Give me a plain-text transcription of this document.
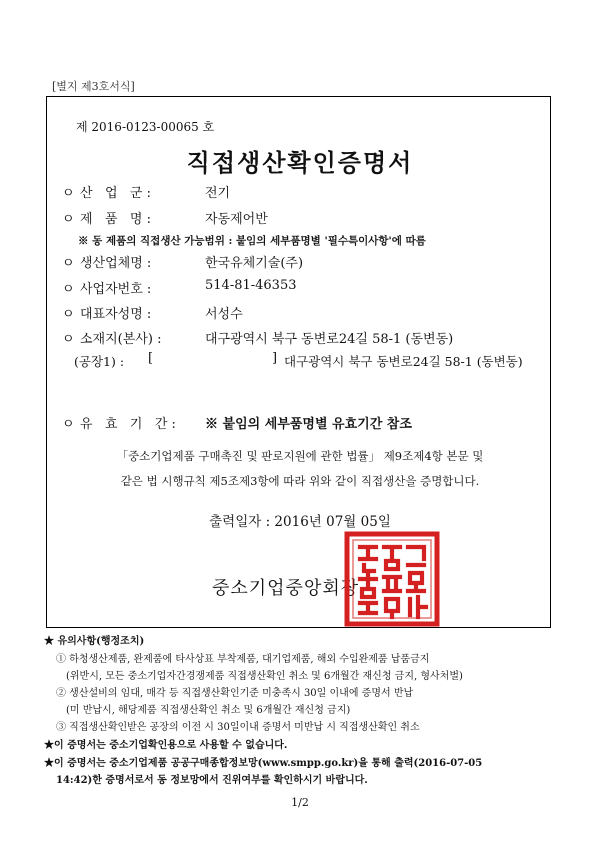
[별지 제3호서식]
제 2016-0123-00065 호
직접생산확인증명서
ㅇ 산   업   군 :	전기
ㅇ 제   품   명 :	자동제어반
※ 동 제품의 직접생산 가능범위 : 붙임의 세부품명별 '필수특이사항'에 따름
ㅇ 생산업체명 :	한국유체기술(주)
ㅇ 사업자번호 :	514-81-46353
ㅇ 대표자성명 :	서성수
ㅇ 소재지(본사) :	대구광역시 북구 동변로24길 58-1 (동변동)
(공장1) : [	] 대구광역시 북구 동변로24길 58-1 (동변동)
ㅇ 유   효   기   간 : ※ 붙임의 세부품명별 유효기간 참조
「중소기업제품 구매촉진 및 판로지원에 관한 법률」 제9조제4항 본문 및
같은 법 시행규칙 제5조제3항에 따라 위와 같이 직접생산을 증명합니다.
출력일자 : 2016년 07월 05일
중소기업중앙회장
★ 유의사항(행정조치)
① 하청생산제품, 완제품에 타사상표 부착제품, 대기업제품, 해외 수입완제품 납품금지
(위반시, 모든 중소기업자간경쟁제품 직접생산확인 취소 및 6개월간 재신청 금지, 형사처벌)
② 생산설비의 임대, 매각 등 직접생산확인기준 미충족시 30일 이내에 증명서 반납
(미 반납시, 해당제품 직접생산확인 취소 및 6개월간 재신청 금지)
③ 직접생산확인받은 공장의 이전 시 30일이내 증명서 미반납 시 직접생산확인 취소
★이 증명서는 중소기업확인용으로 사용할 수 없습니다.
★이 증명서는 중소기업제품 공공구매종합정보망(www.smpp.go.kr)을 통해 출력(2016-07-05
14:42)한 증명서로서 동 정보망에서 진위여부를 확인하시기 바랍니다.
1/2
